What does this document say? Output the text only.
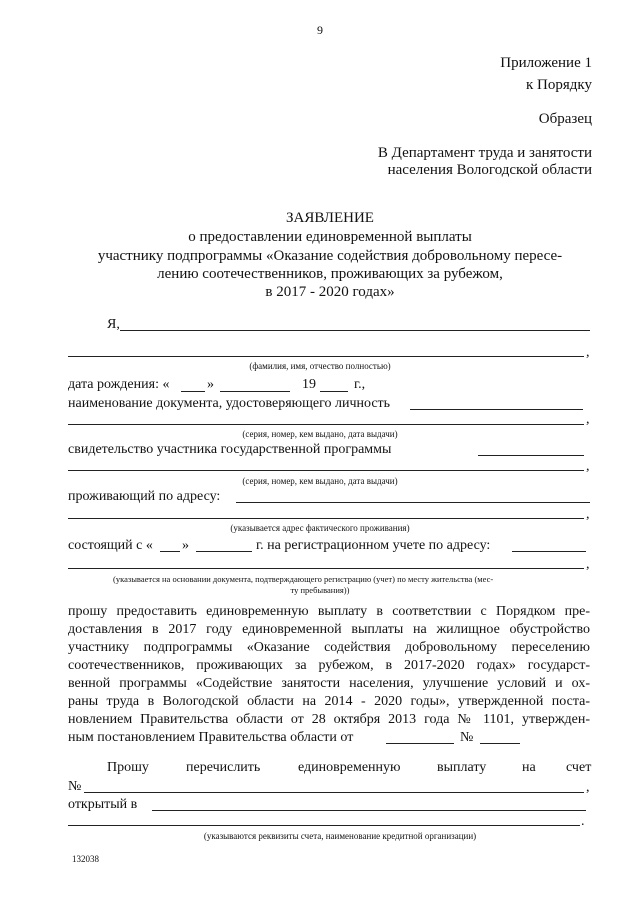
9
Приложение 1
к Порядку
Образец
В Департамент труда и занятости
населения Вологодской области
ЗАЯВЛЕНИЕ
о предоставлении единовременной выплаты
участнику подпрограммы «Оказание содействия добровольному пересе-
лению соотечественников, проживающих за рубежом,
в 2017 - 2020 годах»
Я,
,
(фамилия, имя, отчество полностью)
дата рождения: «	»	19	г.,
наименование документа, удостоверяющего личность
,
(серия, номер, кем выдано, дата выдачи)
свидетельство участника государственной программы
,
(серия, номер, кем выдано, дата выдачи)
проживающий по адресу:
,
(указывается адрес фактического проживания)
состоящий с « »	г. на регистрационном учете по адресу:
,
(указывается на основании документа, подтверждающего регистрацию (учет) по месту жительства (мес-
ту пребывания))
прошу предоставить единовременную выплату в соответствии с Порядком пре-
доставления в 2017 году единовременной выплаты на жилищное обустройство
участнику подпрограммы «Оказание содействия добровольному переселению
соотечественников, проживающих за рубежом, в 2017-2020 годах» государст-
венной программы «Содействие занятости населения, улучшение условий и ох-
раны труда в Вологодской области на 2014 - 2020 годы», утвержденной поста-
новлением Правительства области от 28 октября 2013 года № 1101, утвержден-
ным постановлением Правительства области от	№
Прошу	перечислить	единовременную	выплату	на счет
№	,
открытый в
.
(указываются реквизиты счета, наименование кредитной организации)
132038
